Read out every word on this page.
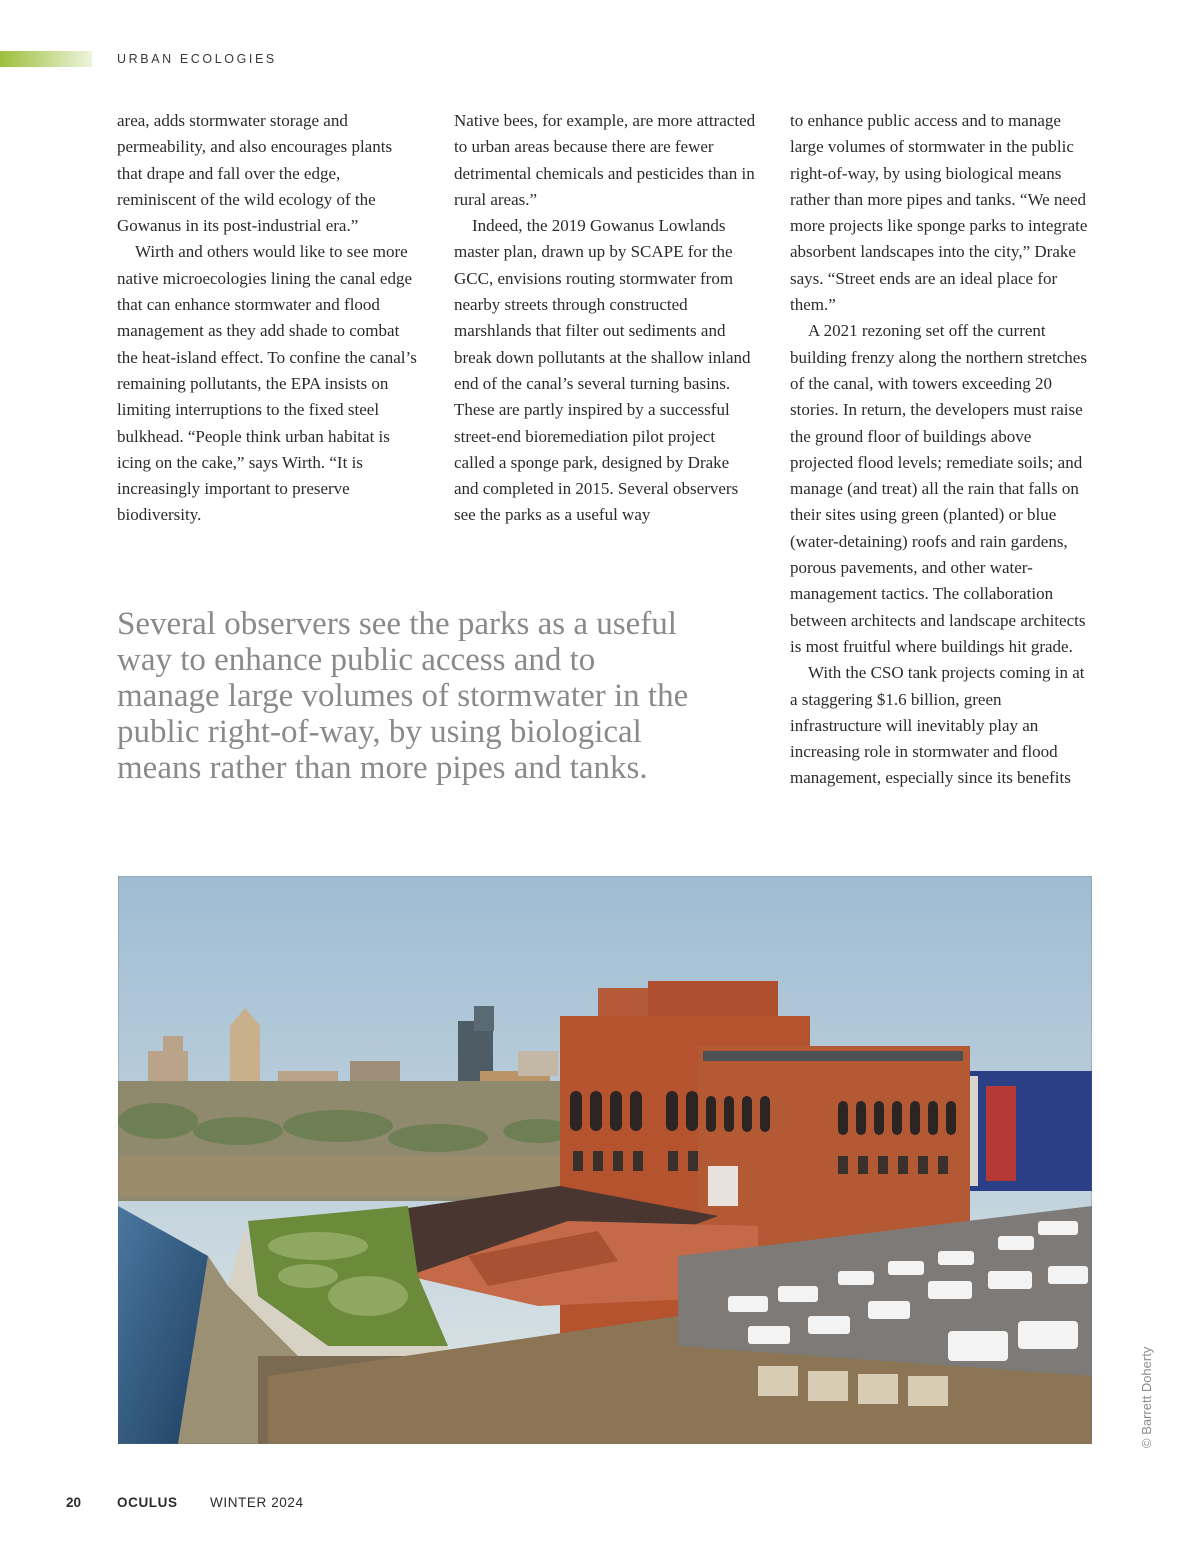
URBAN ECOLOGIES

area, adds stormwater storage and permeability, and also encourages plants that drape and fall over the edge, reminiscent of the wild ecology of the Gowanus in its post-industrial era.”

Wirth and others would like to see more native microecologies lining the canal edge that can enhance stormwater and flood management as they add shade to combat the heat-island effect. To confine the canal’s remaining pollutants, the EPA insists on limiting interruptions to the fixed steel bulkhead. “People think urban habitat is icing on the cake,” says Wirth. “It is increasingly important to preserve biodiversity.

Native bees, for example, are more attracted to urban areas because there are fewer detrimental chemicals and pesticides than in rural areas.”

Indeed, the 2019 Gowanus Lowlands master plan, drawn up by SCAPE for the GCC, envisions routing stormwater from nearby streets through constructed marshlands that filter out sediments and break down pollutants at the shallow inland end of the canal’s several turning basins. These are partly inspired by a successful street-end bioremediation pilot project called a sponge park, designed by Drake and completed in 2015. Several observers see the parks as a useful way

to enhance public access and to manage large volumes of stormwater in the public right-of-way, by using biological means rather than more pipes and tanks. “We need more projects like sponge parks to integrate absorbent landscapes into the city,” Drake says. “Street ends are an ideal place for them.”

A 2021 rezoning set off the current building frenzy along the northern stretches of the canal, with towers exceeding 20 stories. In return, the developers must raise the ground floor of buildings above projected flood levels; remediate soils; and manage (and treat) all the rain that falls on their sites using green (planted) or blue (water-detaining) roofs and rain gardens, porous pavements, and other water-management tactics. The collaboration between architects and landscape architects is most fruitful where buildings hit grade.

With the CSO tank projects coming in at a staggering $1.6 billion, green infrastructure will inevitably play an increasing role in stormwater and flood management, especially since its benefits

Several observers see the parks as a useful way to enhance public access and to manage large volumes of stormwater in the public right-of-way, by using biological means rather than more pipes and tanks.
© Barrett Doherty
20	OCULUS WINTER 2024
